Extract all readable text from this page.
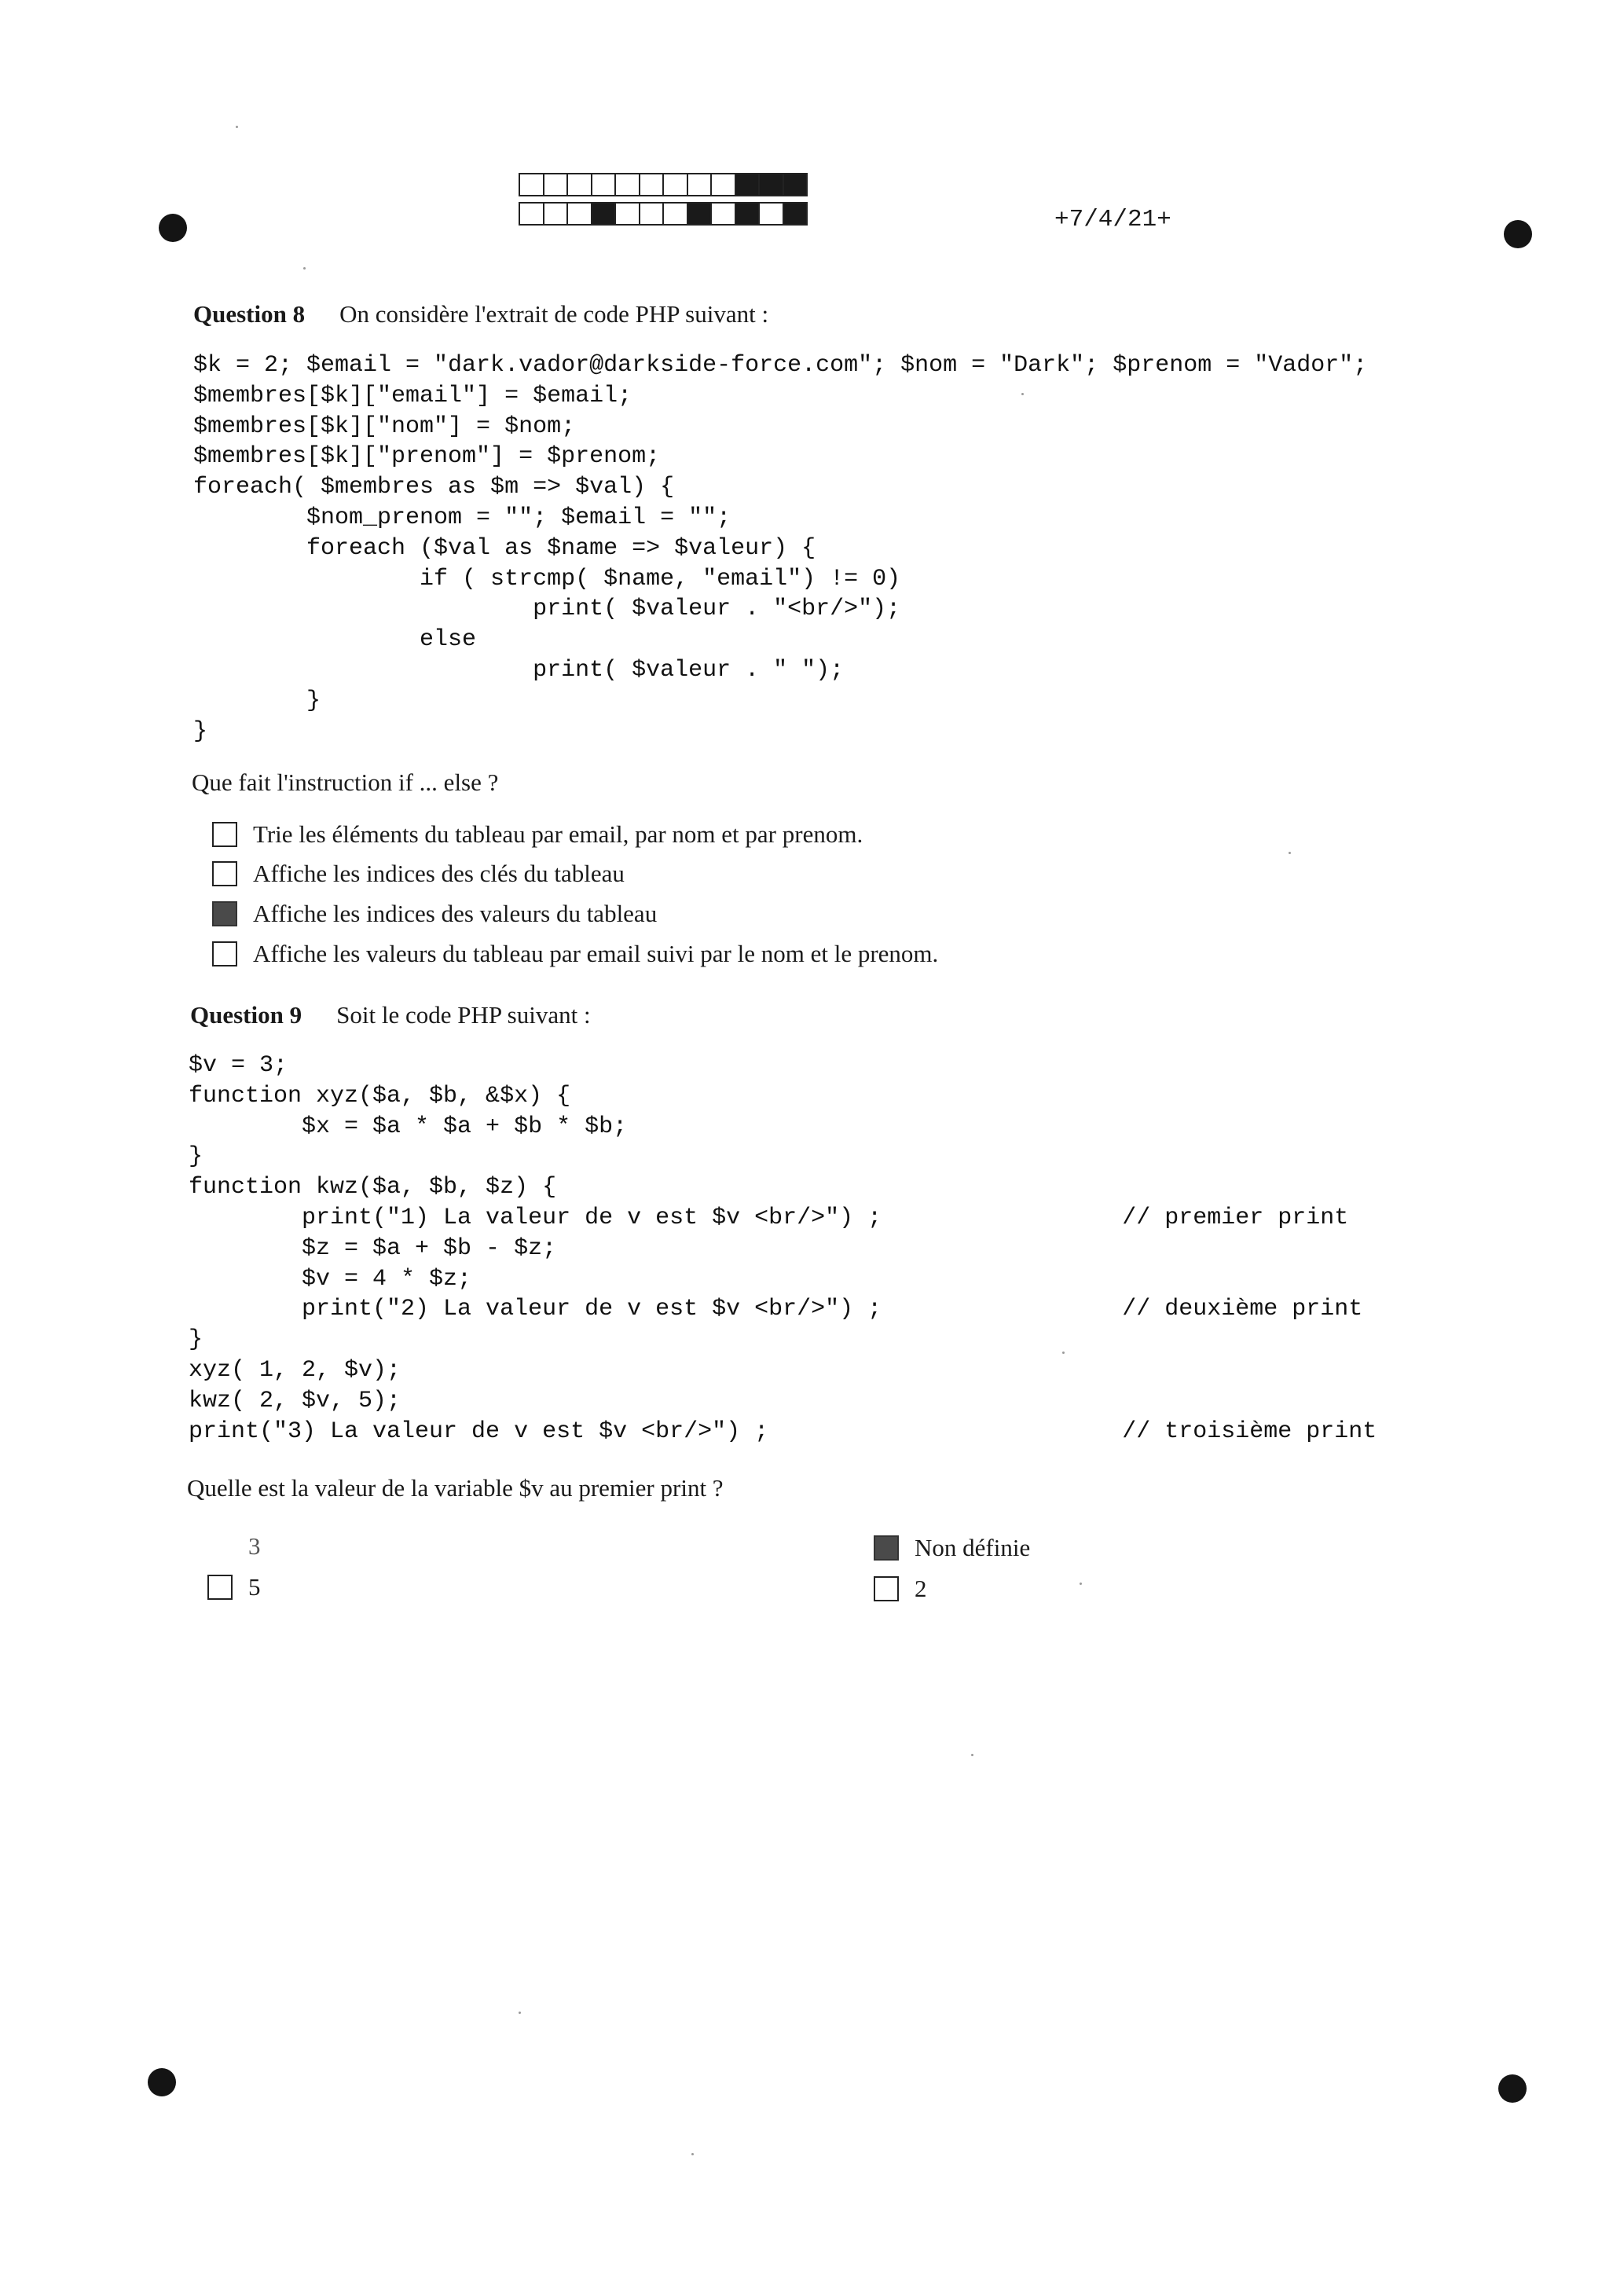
+7/4/21+
Question 8 On considère l'extrait de code PHP suivant :
$k = 2; $email = "dark.vador@darkside-force.com"; $nom = "Dark"; $prenom = "Vador";
$membres[$k]["email"] = $email;
$membres[$k]["nom"] = $nom;
$membres[$k]["prenom"] = $prenom;
foreach( $membres as $m => $val) {
$nom_prenom = ""; $email = "";
foreach ($val as $name => $valeur) {
if ( strcmp( $name, "email") != 0)
print( $valeur . "<br/>");
else
print( $valeur . " ");
}
}
Que fait l'instruction if ... else ?
Trie les éléments du tableau par email, par nom et par prenom.
Affiche les indices des clés du tableau
Affiche les indices des valeurs du tableau
Affiche les valeurs du tableau par email suivi par le nom et le prenom.
Question 9 Soit le code PHP suivant :
$v = 3;
function xyz($a, $b, &$x) {
$x = $a * $a + $b * $b;
}
function kwz($a, $b, $z) {
print("1) La valeur de v est $v <br/>") ;                 // premier print
$z = $a + $b - $z;
$v = 4 * $z;
print("2) La valeur de v est $v <br/>") ;                 // deuxième print
}
xyz( 1, 2, $v);
kwz( 2, $v, 5);
print("3) La valeur de v est $v <br/>") ;                         // troisième print
Quelle est la valeur de la variable $v au premier print ?
3	Non définie
5	2
